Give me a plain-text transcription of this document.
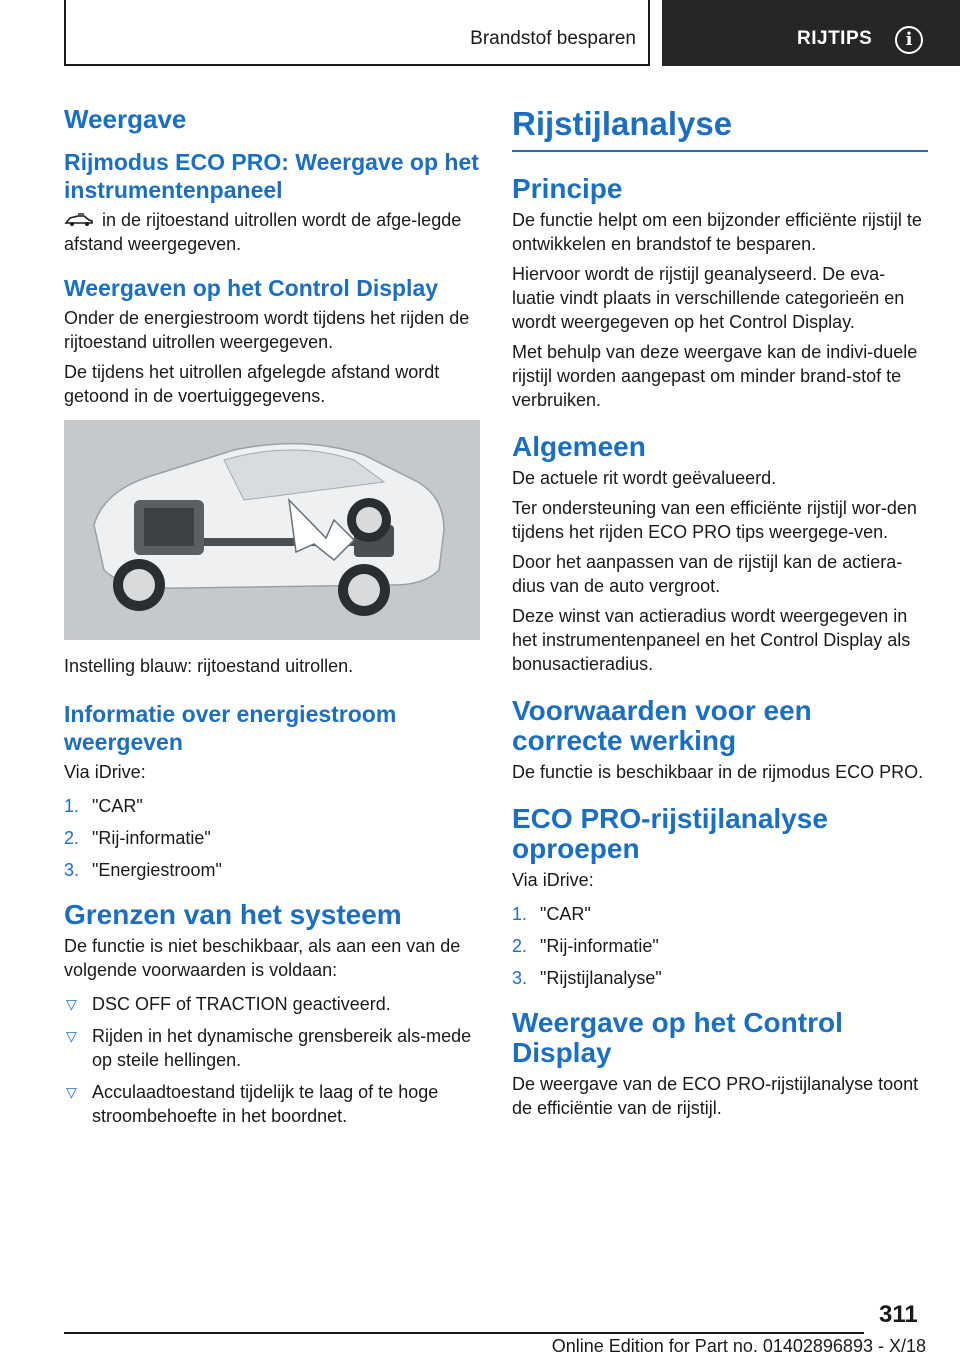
Brandstof besparen	RIJTIPS	i
Weergave
Rijmodus ECO PRO: Weergave op het instrumentenpaneel

in de rijtoestand uitrollen wordt de afge-legde afstand weergegeven.

Weergaven op het Control Display

Onder de energiestroom wordt tijdens het rijden de rijtoestand uitrollen weergegeven.

De tijdens het uitrollen afgelegde afstand wordt getoond in de voertuiggegevens.

Instelling blauw: rijtoestand uitrollen.

Informatie over energiestroom weergeven

Via iDrive:

1. "CAR"
2. "Rij-informatie"
3. "Energiestroom"
Grenzen van het systeem

De functie is niet beschikbaar, als aan een van de volgende voorwaarden is voldaan:

▽ DSC OFF of TRACTION geactiveerd.
▽ Rijden in het dynamische grensbereik als-mede op steile hellingen.
▽ Acculaadtoestand tijdelijk te laag of te hoge stroombehoefte in het boordnet.
Rijstijlanalyse
Principe

De functie helpt om een bijzonder efficiënte rijstijl te ontwikkelen en brandstof te besparen.

Hiervoor wordt de rijstijl geanalyseerd. De eva-luatie vindt plaats in verschillende categorieën en wordt weergegeven op het Control Display.

Met behulp van deze weergave kan de indivi-duele rijstijl worden aangepast om minder brand-stof te verbruiken.

Algemeen

De actuele rit wordt geëvalueerd.

Ter ondersteuning van een efficiënte rijstijl wor-den tijdens het rijden ECO PRO tips weergege-ven.

Door het aanpassen van de rijstijl kan de actiera-dius van de auto vergroot.

Deze winst van actieradius wordt weergegeven in het instrumentenpaneel en het Control Display als bonusactieradius.

Voorwaarden voor een correcte werking

De functie is beschikbaar in de rijmodus ECO PRO.

ECO PRO-rijstijlanalyse oproepen

Via iDrive:

1. "CAR"
2. "Rij-informatie"
3. "Rijstijlanalyse"
Weergave op het Control Display

De weergave van de ECO PRO-rijstijlanalyse toont de efficiëntie van de rijstijl.

311
Online Edition for Part no. 01402896893 - X/18
